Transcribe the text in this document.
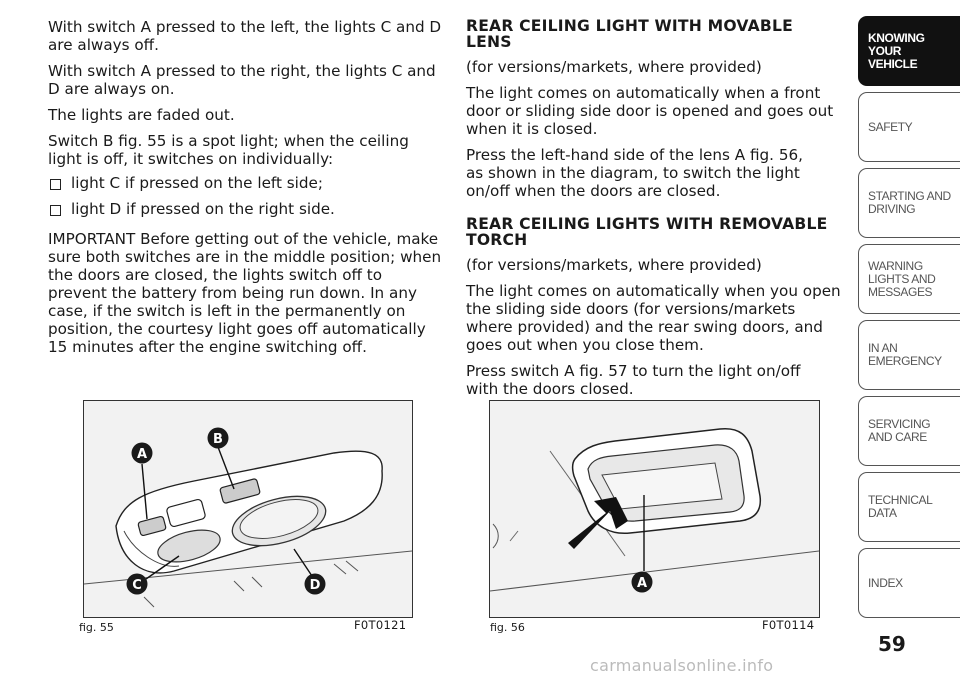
With switch A pressed to the left, the lights C and D are always off.

With switch A pressed to the right, the lights C and D are always on.

The lights are faded out.

Switch B fig. 55 is a spot light; when the ceiling light is off, it switches on individually:

light C if pressed on the left side;
light D if pressed on the right side.

IMPORTANT Before getting out of the vehicle, make sure both switches are in the middle position; when the doors are closed, the lights switch off to prevent the battery from being run down. In any case, if the switch is left in the permanently on position, the courtesy light goes off automatically 15 minutes after the engine switching off.

REAR CEILING LIGHT WITH MOVABLE LENS

(for versions/markets, where provided)

The light comes on automatically when a front door or sliding side door is opened and goes out when it is closed.

Press the left-hand side of the lens A fig. 56, as shown in the diagram, to switch the light on/off when the doors are closed.

REAR CEILING LIGHTS WITH REMOVABLE TORCH

(for versions/markets, where provided)

The light comes on automatically when you open the sliding side doors (for versions/markets where provided) and the rear swing doors, and goes out when you close them.

Press switch A fig. 57 to turn the light on/off with the doors closed.

A
B
C	D
fig. 55	F0T0121
A
fig. 56	F0T0114
KNOWING YOUR VEHICLE
SAFETY
STARTING AND DRIVING
WARNING LIGHTS AND MESSAGES
IN AN EMERGENCY
SERVICING AND CARE
TECHNICAL DATA
INDEX
59
carmanualsonline.info
